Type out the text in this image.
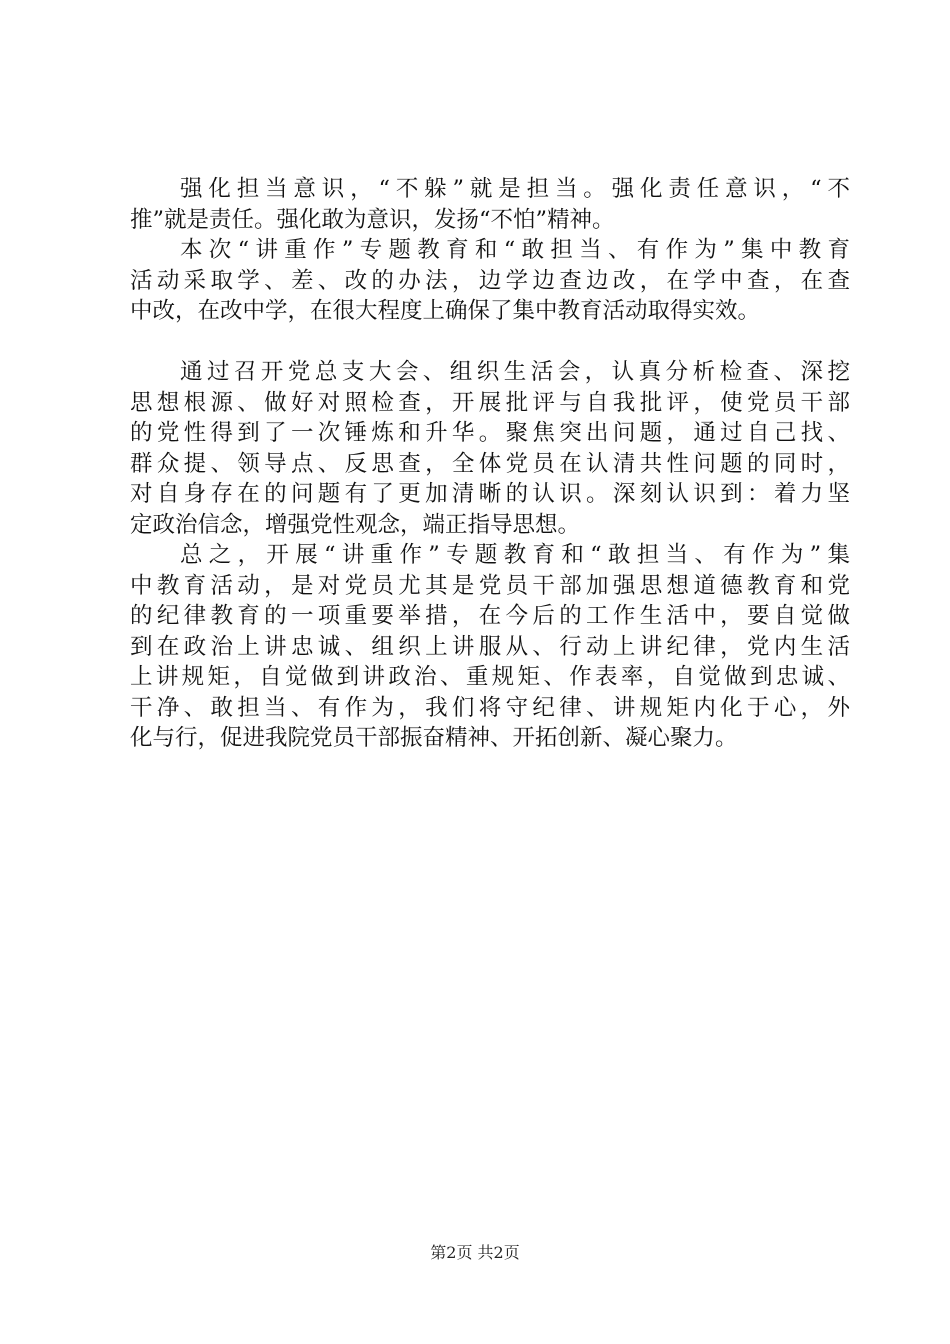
强化担当意识，“不躲”就是担当。强化责任意识，“不
推”就是责任。强化敢为意识，发扬“不怕”精神。
本次“讲重作”专题教育和“敢担当、有作为”集中教育
活动采取学、差、改的办法，边学边查边改，在学中查，在查
中改，在改中学，在很大程度上确保了集中教育活动取得实效。
通过召开党总支大会、组织生活会，认真分析检查、深挖
思想根源、做好对照检查，开展批评与自我批评，使党员干部
的党性得到了一次锤炼和升华。聚焦突出问题，通过自己找、
群众提、领导点、反思查，全体党员在认清共性问题的同时，
对自身存在的问题有了更加清晰的认识。深刻认识到：着力坚
定政治信念，增强党性观念，端正指导思想。
总之，开展“讲重作”专题教育和“敢担当、有作为”集
中教育活动，是对党员尤其是党员干部加强思想道德教育和党
的纪律教育的一项重要举措，在今后的工作生活中，要自觉做
到在政治上讲忠诚、组织上讲服从、行动上讲纪律，党内生活
上讲规矩，自觉做到讲政治、重规矩、作表率，自觉做到忠诚、
干净、敢担当、有作为，我们将守纪律、讲规矩内化于心，外
化与行，促进我院党员干部振奋精神、开拓创新、凝心聚力。
第2页 共2页
